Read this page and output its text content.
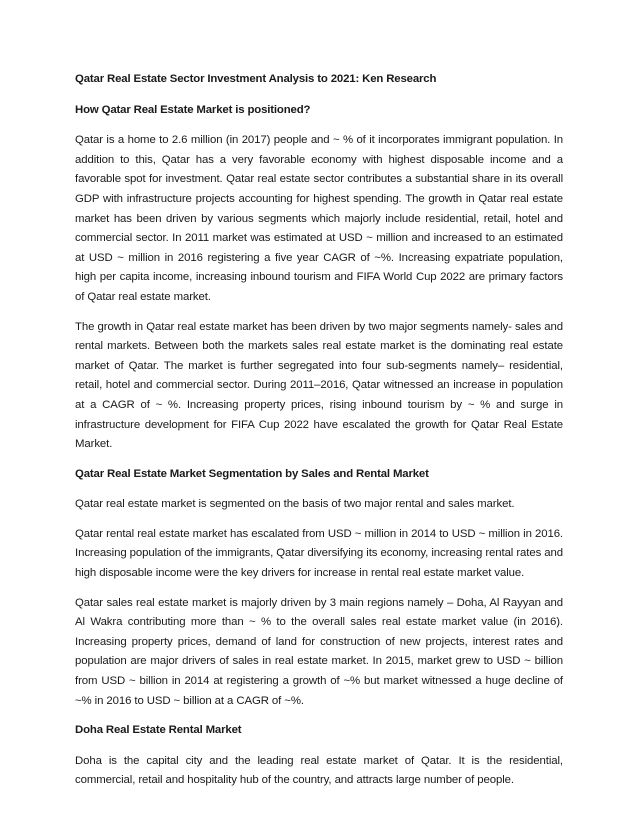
Qatar Real Estate Sector Investment Analysis to 2021: Ken Research
How Qatar Real Estate Market is positioned?

Qatar is a home to 2.6 million (in 2017) people and ~ % of it incorporates immigrant population. In addition to this, Qatar has a very favorable economy with highest disposable income and a favorable spot for investment. Qatar real estate sector contributes a substantial share in its overall GDP with infrastructure projects accounting for highest spending. The growth in Qatar real estate market has been driven by various segments which majorly include residential, retail, hotel and commercial sector. In 2011 market was estimated at USD ~ million and increased to an estimated at USD ~ million in 2016 registering a five year CAGR of ~%. Increasing expatriate population, high per capita income, increasing inbound tourism and FIFA World Cup 2022 are primary factors of Qatar real estate market.

The growth in Qatar real estate market has been driven by two major segments namely- sales and rental markets. Between both the markets sales real estate market is the dominating real estate market of Qatar. The market is further segregated into four sub-segments namely– residential, retail, hotel and commercial sector. During 2011–2016, Qatar witnessed an increase in population at a CAGR of ~ %. Increasing property prices, rising inbound tourism by ~ % and surge in infrastructure development for FIFA Cup 2022 have escalated the growth for Qatar Real Estate Market.

Qatar Real Estate Market Segmentation by Sales and Rental Market

Qatar real estate market is segmented on the basis of two major rental and sales market.

Qatar rental real estate market has escalated from USD ~ million in 2014 to USD ~ million in 2016. Increasing population of the immigrants, Qatar diversifying its economy, increasing rental rates and high disposable income were the key drivers for increase in rental real estate market value.

Qatar sales real estate market is majorly driven by 3 main regions namely – Doha, Al Rayyan and Al Wakra contributing more than ~ % to the overall sales real estate market value (in 2016). Increasing property prices, demand of land for construction of new projects, interest rates and population are major drivers of sales in real estate market. In 2015, market grew to USD ~ billion from USD ~ billion in 2014 at registering a growth of ~% but market witnessed a huge decline of ~% in 2016 to USD ~ billion at a CAGR of ~%.

Doha Real Estate Rental Market

Doha is the capital city and the leading real estate market of Qatar. It is the residential, commercial, retail and hospitality hub of the country, and attracts large number of people.
